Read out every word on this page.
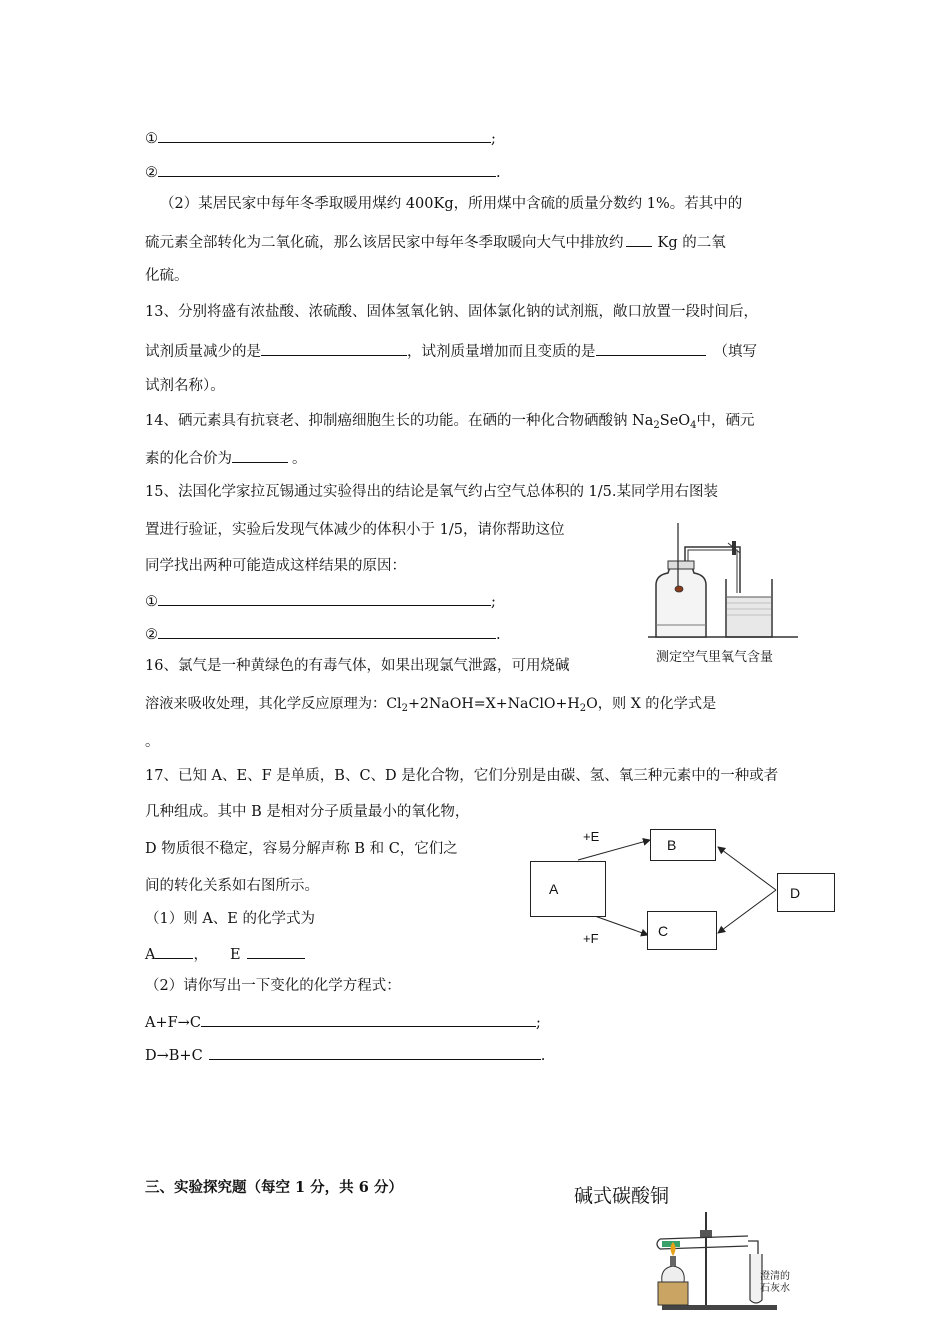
①	;
②	.
（2）某居民家中每年冬季取暖用煤约 400Kg，所用煤中含硫的质量分数约 1%。若其中的
硫元素全部转化为二氧化硫，那么该居民家中每年冬季取暖向大气中排放约 Kg 的二氧
化硫。
13、分别将盛有浓盐酸、浓硫酸、固体氢氧化钠、固体氯化钠的试剂瓶，敞口放置一段时间后，
试剂质量减少的是	，试剂质量增加而且变质的是	（填写
试剂名称）。
14、硒元素具有抗衰老、抑制癌细胞生长的功能。在硒的一种化合物硒酸钠 $Na_2SeO_4$中，硒元
素的化合价为	。
15、法国化学家拉瓦锡通过实验得出的结论是氧气约占空气总体积的 1/5.某同学用右图装
置进行验证，实验后发现气体减少的体积小于 1/5，请你帮助这位
同学找出两种可能造成这样结果的原因：
①	;
②	.
测定空气里氧气含量
16、氯气是一种黄绿色的有毒气体，如果出现氯气泄露，可用烧碱
溶液来吸收处理，其化学反应原理为：$Cl_2+2NaOH=X+NaClO+H_2O$，则 X 的化学式是
。
17、已知 A、E、F 是单质，B、C、D 是化合物，它们分别是由碳、氢、氧三种元素中的一种或者
几种组成。其中 B 是相对分子质量最小的氧化物，
D 物质很不稳定，容易分解声称 B 和 C，它们之
间的转化关系如右图所示。
（1）则 A、E 的化学式为
A	， E
（2）请你写出一下变化的化学方程式：
A+F→C	;
D→B+C	.
A
B
C
D
+E
+F
三、实验探究题（每空 1 分，共 6 分）	碱式碳酸铜
澄清的
石灰水
